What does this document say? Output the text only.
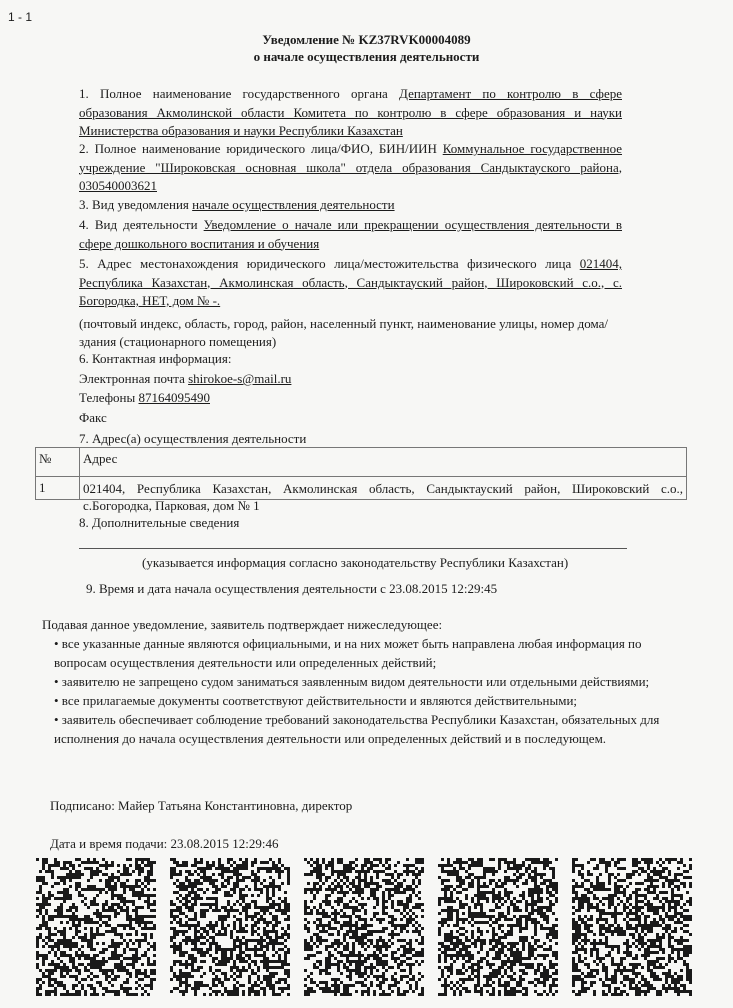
1 - 1
Уведомление № KZ37RVK00004089
о начале осуществления деятельности
1. Полное наименование государственного органа Департамент по контролю в сфере образования Акмолинской области Комитета по контролю в сфере образования и науки Министерства образования и науки Республики Казахстан
2. Полное наименование юридического лица/ФИО, БИН/ИИН Коммунальное государственное учреждение "Широковская основная школа" отдела образования Сандыктауского района, 030540003621
3. Вид уведомления начале осуществления деятельности
4. Вид деятельности Уведомление о начале или прекращении осуществления деятельности в сфере дошкольного воспитания и обучения
5. Адрес местонахождения юридического лица/местожительства физического лица 021404, Республика Казахстан, Акмолинская область, Сандыктауский район, Широковский с.о., с. Богородка, НЕТ, дом № -.
(почтовый индекс, область, город, район, населенный пункт, наименование улицы, номер дома/здания (стационарного помещения)
6. Контактная информация:
Электронная почта shirokoe-s@mail.ru
Телефоны 87164095490
Факс
7. Адрес(а) осуществления деятельности
№	Адрес
1	021404, Республика Казахстан, Акмолинская область, Сандыктауский район, Широковский с.о., с.Богородка, Парковая, дом № 1
8. Дополнительные сведения
(указывается информация согласно законодательству Республики Казахстан)
9. Время и дата начала осуществления деятельности с 23.08.2015 12:29:45
Подавая данное уведомление, заявитель подтверждает нижеследующее:
• все указанные данные являются официальными, и на них может быть направлена любая информация по вопросам осуществления деятельности или определенных действий;
• заявителю не запрещено судом заниматься заявленным видом деятельности или отдельными действиями;
• все прилагаемые документы соответствуют действительности и являются действительными;
• заявитель обеспечивает соблюдение требований законодательства Республики Казахстан, обязательных для исполнения до начала осуществления деятельности или определенных действий и в последующем.
Подписано: Майер Татьяна Константиновна, директор
Дата и время подачи: 23.08.2015 12:29:46
